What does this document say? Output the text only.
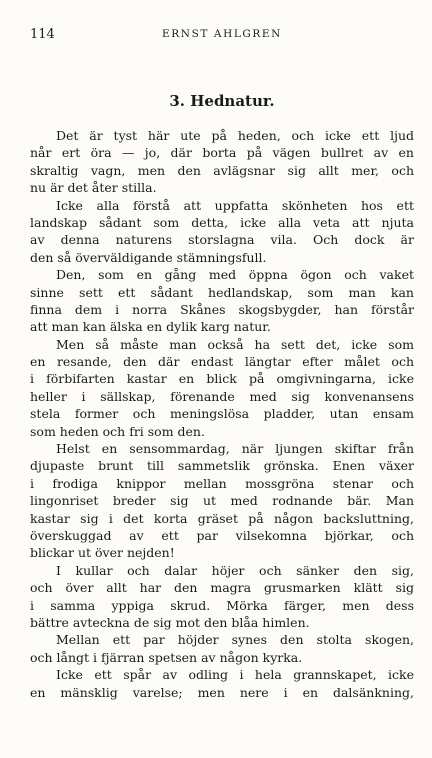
114	ERNST AHLGREN
3. Hednatur.
Det är tyst här ute på heden, och icke ett ljud
når ert öra — jo, där borta på vägen bullret av en
skraltig vagn, men den avlägsnar sig allt mer, och
nu är det åter stilla.
Icke alla förstå att uppfatta skönheten hos ett
landskap sådant som detta, icke alla veta att njuta
av denna naturens storslagna vila. Och dock är
den så överväldigande stämningsfull.
Den, som en gång med öppna ögon och vaket
sinne sett ett sådant hedlandskap, som man kan
finna dem i norra Skånes skogsbygder, han förstår
att man kan älska en dylik karg natur.
Men så måste man också ha sett det, icke som
en resande, den där endast längtar efter målet och
i förbifarten kastar en blick på omgivningarna, icke
heller i sällskap, förenande med sig konvenansens
stela former och meningslösa pladder, utan ensam
som heden och fri som den.
Helst en sensommardag, när ljungen skiftar från
djupaste brunt till sammetslik grönska. Enen växer
i frodiga knippor mellan mossgröna stenar och
lingonriset breder sig ut med rodnande bär. Man
kastar sig i det korta gräset på någon backsluttning,
överskuggad av ett par vilsekomna björkar, och
blickar ut över nejden!
I kullar och dalar höjer och sänker den sig,
och över allt har den magra grusmarken klätt sig
i samma yppiga skrud. Mörka färger, men dess
bättre avteckna de sig mot den blåa himlen.
Mellan ett par höjder synes den stolta skogen,
och långt i fjärran spetsen av någon kyrka.
Icke ett spår av odling i hela grannskapet, icke
en mänsklig varelse; men nere i en dalsänkning,
